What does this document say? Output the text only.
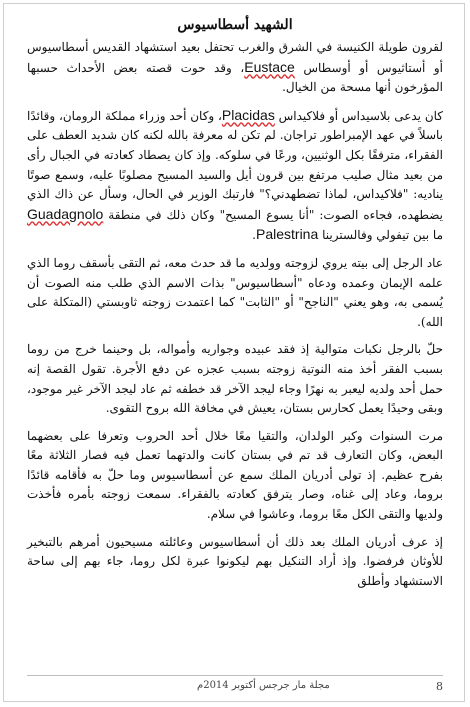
الشهيد أسطاسيوس

لقرون طويلة الكنيسة في الشرق والغرب تحتفل بعيد استشهاد القديس أسطاسيوس أو أستاثيوس أو أوسطاس Eustace، وقد حوت قصته بعض الأحداث حسبها المؤرخون أنها مسحة من الخيال.

كان يدعى بلاسيداس أو فلاكيداس Placidas، وكان أحد وزراء مملكة الرومان، وقائدًا باسلاً في عهد الإمبراطور تراجان. لم تكن له معرفة بالله لكنه كان شديد العطف على الفقراء، مترفقًا بكل الوثنيين، ورعًا في سلوكه. وإذ كان يصطاد كعادته في الجبال رأى من بعيد مثال صليب مرتفع بين قرون أيل والسيد المسيح مصلوبًا عليه، وسمع صوتًا يناديه: "فلاكيداس، لماذا تضطهدني؟" فارتبك الوزير في الحال، وسأل عن ذاك الذي يضطهده، فجاءه الصوت: "أنا يسوع المسيح" وكان ذلك في منطقة Guadagnolo ما بين تيفولي وفالسترينا Palestrina.

عاد الرجل إلى بيته يروي لزوجته وولديه ما قد حدث معه، ثم التقى بأسقف روما الذي علمه الإيمان وعمده ودعاه "أسطاسيوس" بذات الاسم الذي طلب منه الصوت أن يُسمى به، وهو يعني "الناجح" أو "الثابت" كما اعتمدت زوجته ثاوبستي (المتكلة على الله).

حلّ بالرجل نكبات متوالية إذ فقد عبيده وجواريه وأمواله، بل وحينما خرج من روما بسبب الفقر أخذ منه النوتية زوجته بسبب عجزه عن دفع الأجرة. تقول القصة إنه حمل أحد ولديه ليعبر به نهرًا وجاء ليجد الآخر قد خطفه ثم عاد ليجد الآخر غير موجود، وبقى وحيدًا يعمل كحارس بستان، يعيش في مخافة الله بروح التقوى.

مرت السنوات وكبر الولدان، والتقيا معًا خلال أحد الحروب وتعرفا على بعضهما البعض، وكان التعارف قد تم في بستان كانت والدتهما تعمل فيه فصار الثلاثة معًا بفرح عظيم. إذ تولى أدريان الملك سمع عن أسطاسيوس وما حلّ به فأقامه قائدًا بروما، وعاد إلى غناه، وصار يترفق كعادته بالفقراء. سمعت زوجته بأمره فأخذت ولديها والتقى الكل معًا بروما، وعاشوا في سلام.

إذ عرف أدريان الملك بعد ذلك أن أسطاسيوس وعائلته مسيحيون أمرهم بالتبخير للأوثان فرفضوا. وإذ أراد التنكيل بهم ليكونوا عبرة لكل روما، جاء بهم إلى ساحة الاستشهاد وأطلق

مجلة مار جرجس أكتوبر 2014م	8
